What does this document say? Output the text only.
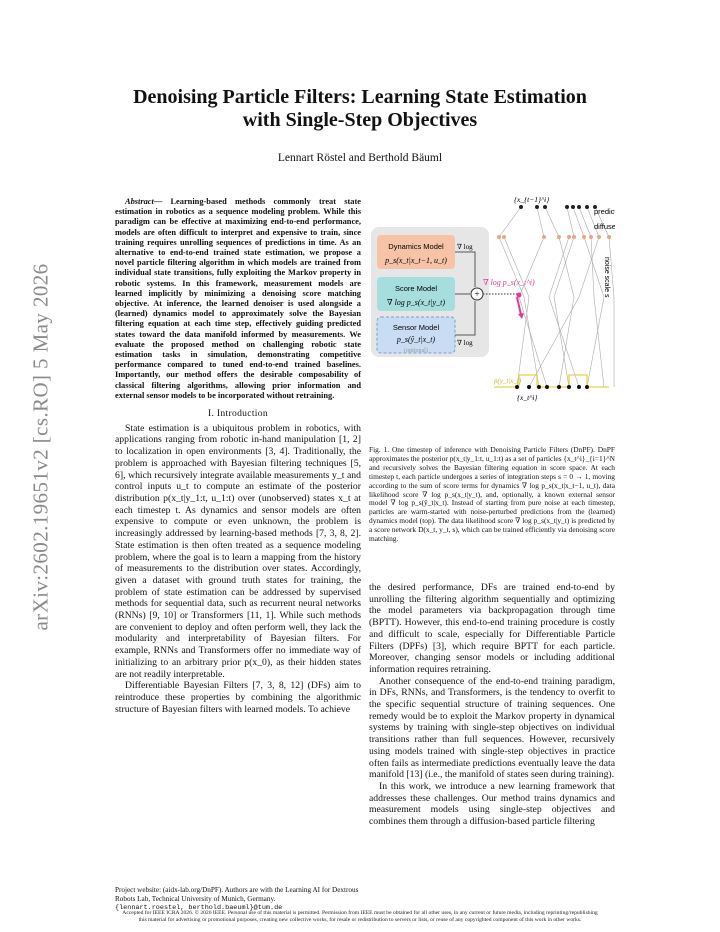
Denoising Particle Filters: Learning State Estimation
with Single-Step Objectives
Lennart Röstel and Berthold Bäuml
arXiv:2602.19651v2 [cs.RO] 5 May 2026
Abstract— Learning-based methods commonly treat state estimation in robotics as a sequence modeling problem. While this paradigm can be effective at maximizing end-to-end performance, models are often difficult to interpret and expensive to train, since training requires unrolling sequences of predictions in time. As an alternative to end-to-end trained state estimation, we propose a novel particle filtering algorithm in which models are trained from individual state transitions, fully exploiting the Markov property in robotic systems. In this framework, measurement models are learned implicitly by minimizing a denoising score matching objective. At inference, the learned denoiser is used alongside a (learned) dynamics model to approximately solve the Bayesian filtering equation at each time step, effectively guiding predicted states toward the data manifold informed by measurements. We evaluate the proposed method on challenging robotic state estimation tasks in simulation, demonstrating competitive performance compared to tuned end-to-end trained baselines. Importantly, our method offers the desirable composability of classical filtering algorithms, allowing prior information and external sensor models to be incorporated without retraining.
I. Introduction

State estimation is a ubiquitous problem in robotics, with applications ranging from robotic in-hand manipulation [1, 2] to localization in open environments [3, 4]. Traditionally, the problem is approached with Bayesian filtering techniques [5, 6], which recursively integrate available measurements y_t and control inputs u_t to compute an estimate of the posterior distribution p(x_t|y_1:t, u_1:t) over (unobserved) states x_t at each timestep t. As dynamics and sensor models are often expensive to compute or even unknown, the problem is increasingly addressed by learning-based methods [7, 3, 8, 2]. State estimation is then often treated as a sequence modeling problem, where the goal is to learn a mapping from the history of measurements to the distribution over states. Accordingly, given a dataset with ground truth states for training, the problem of state estimation can be addressed by supervised methods for sequential data, such as recurrent neural networks (RNNs) [9, 10] or Transformers [11, 1]. While such methods are convenient to deploy and often perform well, they lack the modularity and interpretability of Bayesian filters. For example, RNNs and Transformers offer no immediate way of initializing to an arbitrary prior p(x_0), as their hidden states are not readily interpretable.

Differentiable Bayesian Filters [7, 3, 8, 12] (DFs) aim to reintroduce these properties by combining the algorithmic structure of Bayesian filters with learned models. To achieve

Project website: (aidx-lab.org/DnPF). Authors are with the Learning AI for Dextrous Robots Lab, Technical University of Munich, Germany.
{lennart.roestel, berthold.baeuml}@tum.de
Accepted for IEEE ICRA 2026. © 2026 IEEE. Personal use of this material is permitted. Permission from IEEE must be obtained for all other uses, in any current or future media, including reprinting/republishing this material for advertising or promotional purposes, creating new collective works, for resale or redistribution to servers or lists, or reuse of any copyrighted component of this work in other works.
Dynamics Model
p_s(x_t|x_t−1, u_t)
∇ log
Score Model
∇ log p_s(x_t|y_t)
Sensor Model
p_s(ŷ_t|x_t)
(optional)
∇ log
+
∇ log p_s(x_t^i)
{x_{t−1}^i}
predict
diffuse
noise scale s
p(y_t|x_t)
{x_t^i}
Fig. 1. One timestep of inference with Denoising Particle Filters (DnPF). DnPF approximates the posterior p(x_t|y_1:t, u_1:t) as a set of particles {x_t^i}_{i=1}^N and recursively solves the Bayesian filtering equation in score space. At each timestep t, each particle undergoes a series of integration steps s = 0 → 1, moving according to the sum of score terms for dynamics ∇ log p_s(x_t|x_t−1, u_t), data likelihood score ∇ log p_s(x_t|y_t), and, optionally, a known external sensor model ∇ log p_s(ŷ_t|x_t). Instead of starting from pure noise at each timestep, particles are warm-started with noise-perturbed predictions from the (learned) dynamics model (top). The data likelihood score ∇ log p_s(x_t|y_t) is predicted by a score network D(x_t, y_t, s), which can be trained efficiently via denoising score matching.

the desired performance, DFs are trained end-to-end by unrolling the filtering algorithm sequentially and optimizing the model parameters via backpropagation through time (BPTT). However, this end-to-end training procedure is costly and difficult to scale, especially for Differentiable Particle Filters (DPFs) [3], which require BPTT for each particle. Moreover, changing sensor models or including additional information requires retraining.

Another consequence of the end-to-end training paradigm, in DFs, RNNs, and Transformers, is the tendency to overfit to the specific sequential structure of training sequences. One remedy would be to exploit the Markov property in dynamical systems by training with single-step objectives on individual transitions rather than full sequences. However, recursively using models trained with single-step objectives in practice often fails as intermediate predictions eventually leave the data manifold [13] (i.e., the manifold of states seen during training).

In this work, we introduce a new learning framework that addresses these challenges. Our method trains dynamics and measurement models using single-step objectives and combines them through a diffusion-based particle filtering
